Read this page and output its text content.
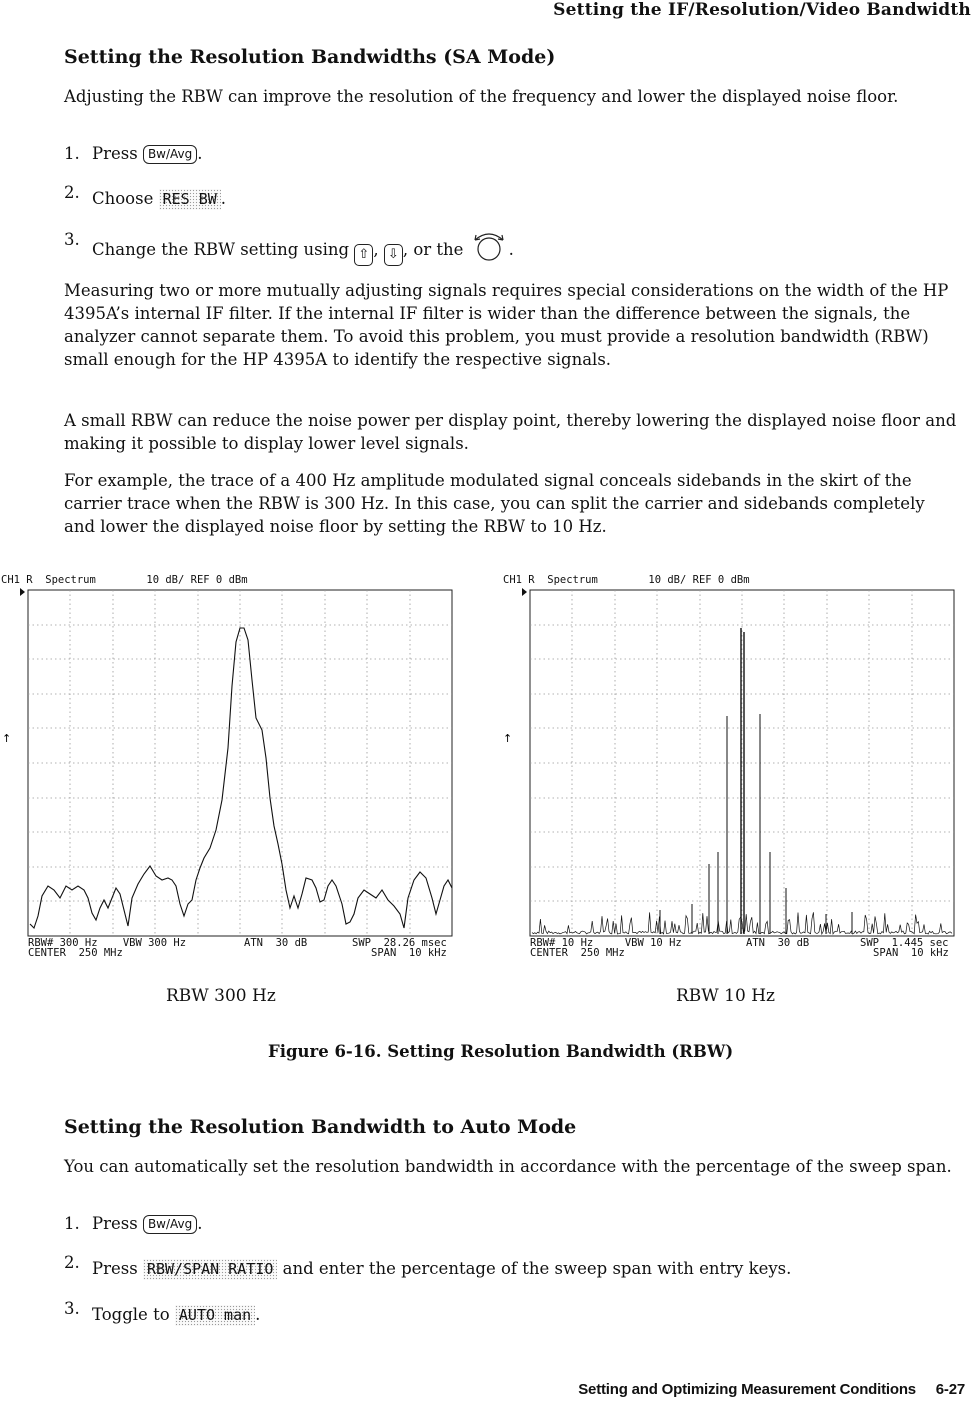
Setting the IF/Resolution/Video Bandwidth
Setting the Resolution Bandwidths (SA Mode)
Adjusting the RBW can improve the resolution of the frequency and lower the displayed noise floor.
1. Press Bw/Avg .
2. Choose RES BW .
3.Change the RBW setting using ⇧ , ⇩ , or the	.
Measuring two or more mutually adjusting signals requires special considerations on the width of the HP 4395A’s internal IF filter. If the internal IF filter is wider than the difference between the signals, the analyzer cannot separate them. To avoid this problem, you must provide a resolution bandwidth (RBW) small enough for the HP 4395A to identify the respective signals.
A small RBW can reduce the noise power per display point, thereby lowering the displayed noise floor and making it possible to display lower level signals.
For example, the trace of a 400 Hz amplitude modulated signal conceals sidebands in the skirt of the carrier trace when the RBW is 300 Hz. In this case, you can split the carrier and sidebands completely and lower the displayed noise floor by setting the RBW to 10 Hz.
↑	↑
CH1 R  Spectrum        10 dB/ REF 0 dBm
RBW# 300 Hz    VBW 300 Hz	ATN  30 dB	SWP  28.26 msec
CENTER  250 MHz	SPAN  10 kHz
CH1 R  Spectrum        10 dB/ REF 0 dBm
RBW# 10 Hz     VBW 10 Hz	ATN  30 dB	SWP  1.445 sec
CENTER  250 MHz	SPAN  10 kHz
RBW 300 Hz	RBW 10 Hz
Figure 6-16. Setting Resolution Bandwidth (RBW)
Setting the Resolution Bandwidth to Auto Mode
You can automatically set the resolution bandwidth in accordance with the percentage of the sweep span.
1. Press Bw/Avg .
2. Press RBW/SPAN RATIO and enter the percentage of the sweep span with entry keys.
3. Toggle to AUTO man .
Setting and Optimizing Measurement Conditions     6-27
